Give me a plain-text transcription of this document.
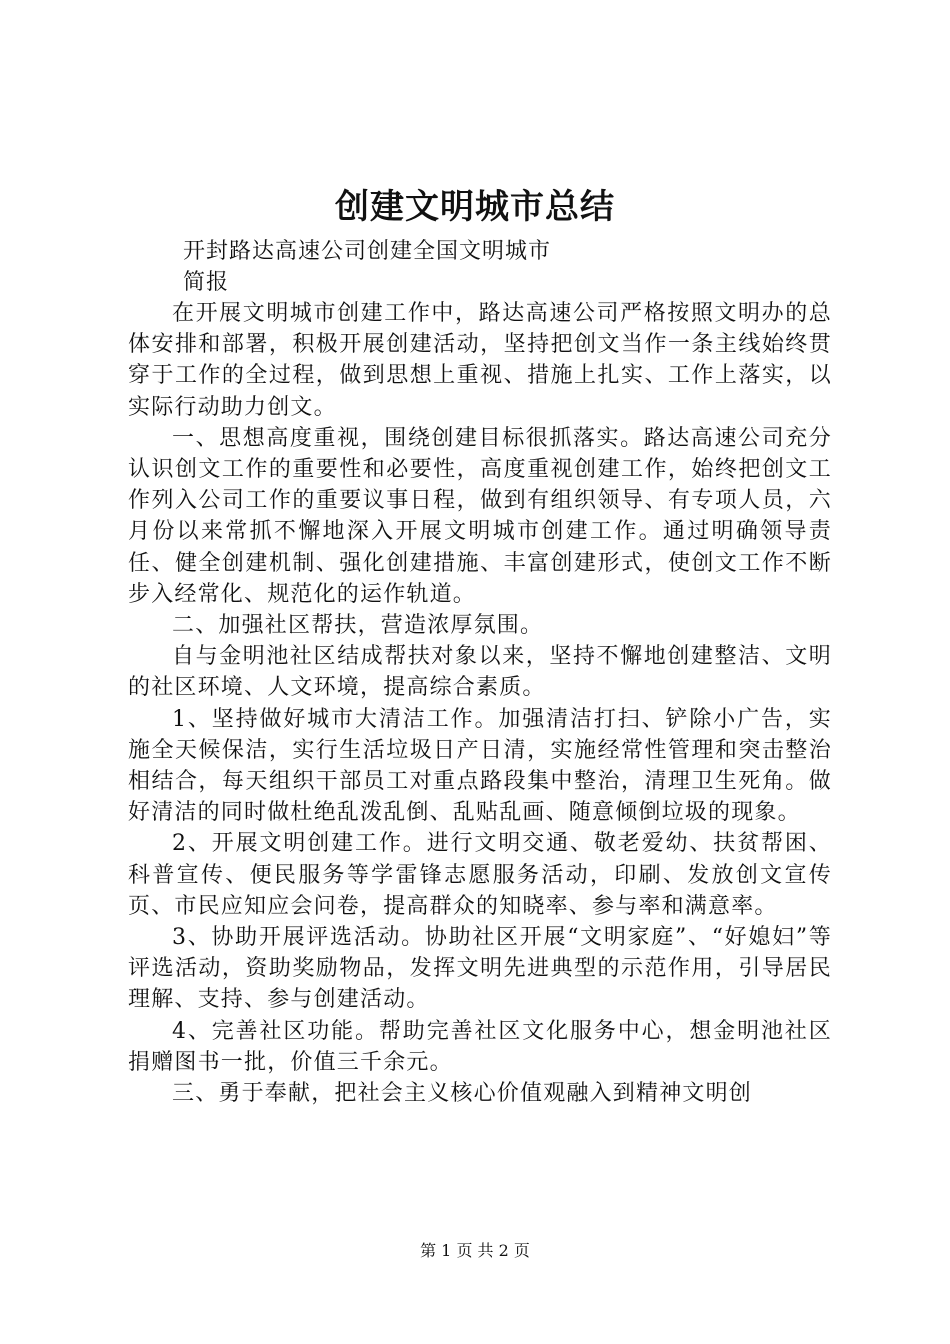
创建文明城市总结
开封路达高速公司创建全国文明城市
简报

在开展文明城市创建工作中，路达高速公司严格按照文明办的总体安排和部署，积极开展创建活动，坚持把创文当作一条主线始终贯穿于工作的全过程，做到思想上重视、措施上扎实、工作上落实，以实际行动助力创文。

一、思想高度重视，围绕创建目标很抓落实。路达高速公司充分认识创文工作的重要性和必要性，高度重视创建工作，始终把创文工作列入公司工作的重要议事日程，做到有组织领导、有专项人员，六月份以来常抓不懈地深入开展文明城市创建工作。通过明确领导责任、健全创建机制、强化创建措施、丰富创建形式，使创文工作不断步入经常化、规范化的运作轨道。

二、加强社区帮扶，营造浓厚氛围。

自与金明池社区结成帮扶对象以来，坚持不懈地创建整洁、文明的社区环境、人文环境，提高综合素质。

1、坚持做好城市大清洁工作。加强清洁打扫、铲除小广告，实施全天候保洁，实行生活垃圾日产日清，实施经常性管理和突击整治相结合，每天组织干部员工对重点路段集中整治，清理卫生死角。做好清洁的同时做杜绝乱泼乱倒、乱贴乱画、随意倾倒垃圾的现象。

2、开展文明创建工作。进行文明交通、敬老爱幼、扶贫帮困、科普宣传、便民服务等学雷锋志愿服务活动，印刷、发放创文宣传页、市民应知应会问卷，提高群众的知晓率、参与率和满意率。

3、协助开展评选活动。协助社区开展“文明家庭”、“好媳妇”等评选活动，资助奖励物品，发挥文明先进典型的示范作用，引导居民理解、支持、参与创建活动。

4、完善社区功能。帮助完善社区文化服务中心，想金明池社区捐赠图书一批，价值三千余元。

三、勇于奉献，把社会主义核心价值观融入到精神文明创

第 1 页 共 2 页
